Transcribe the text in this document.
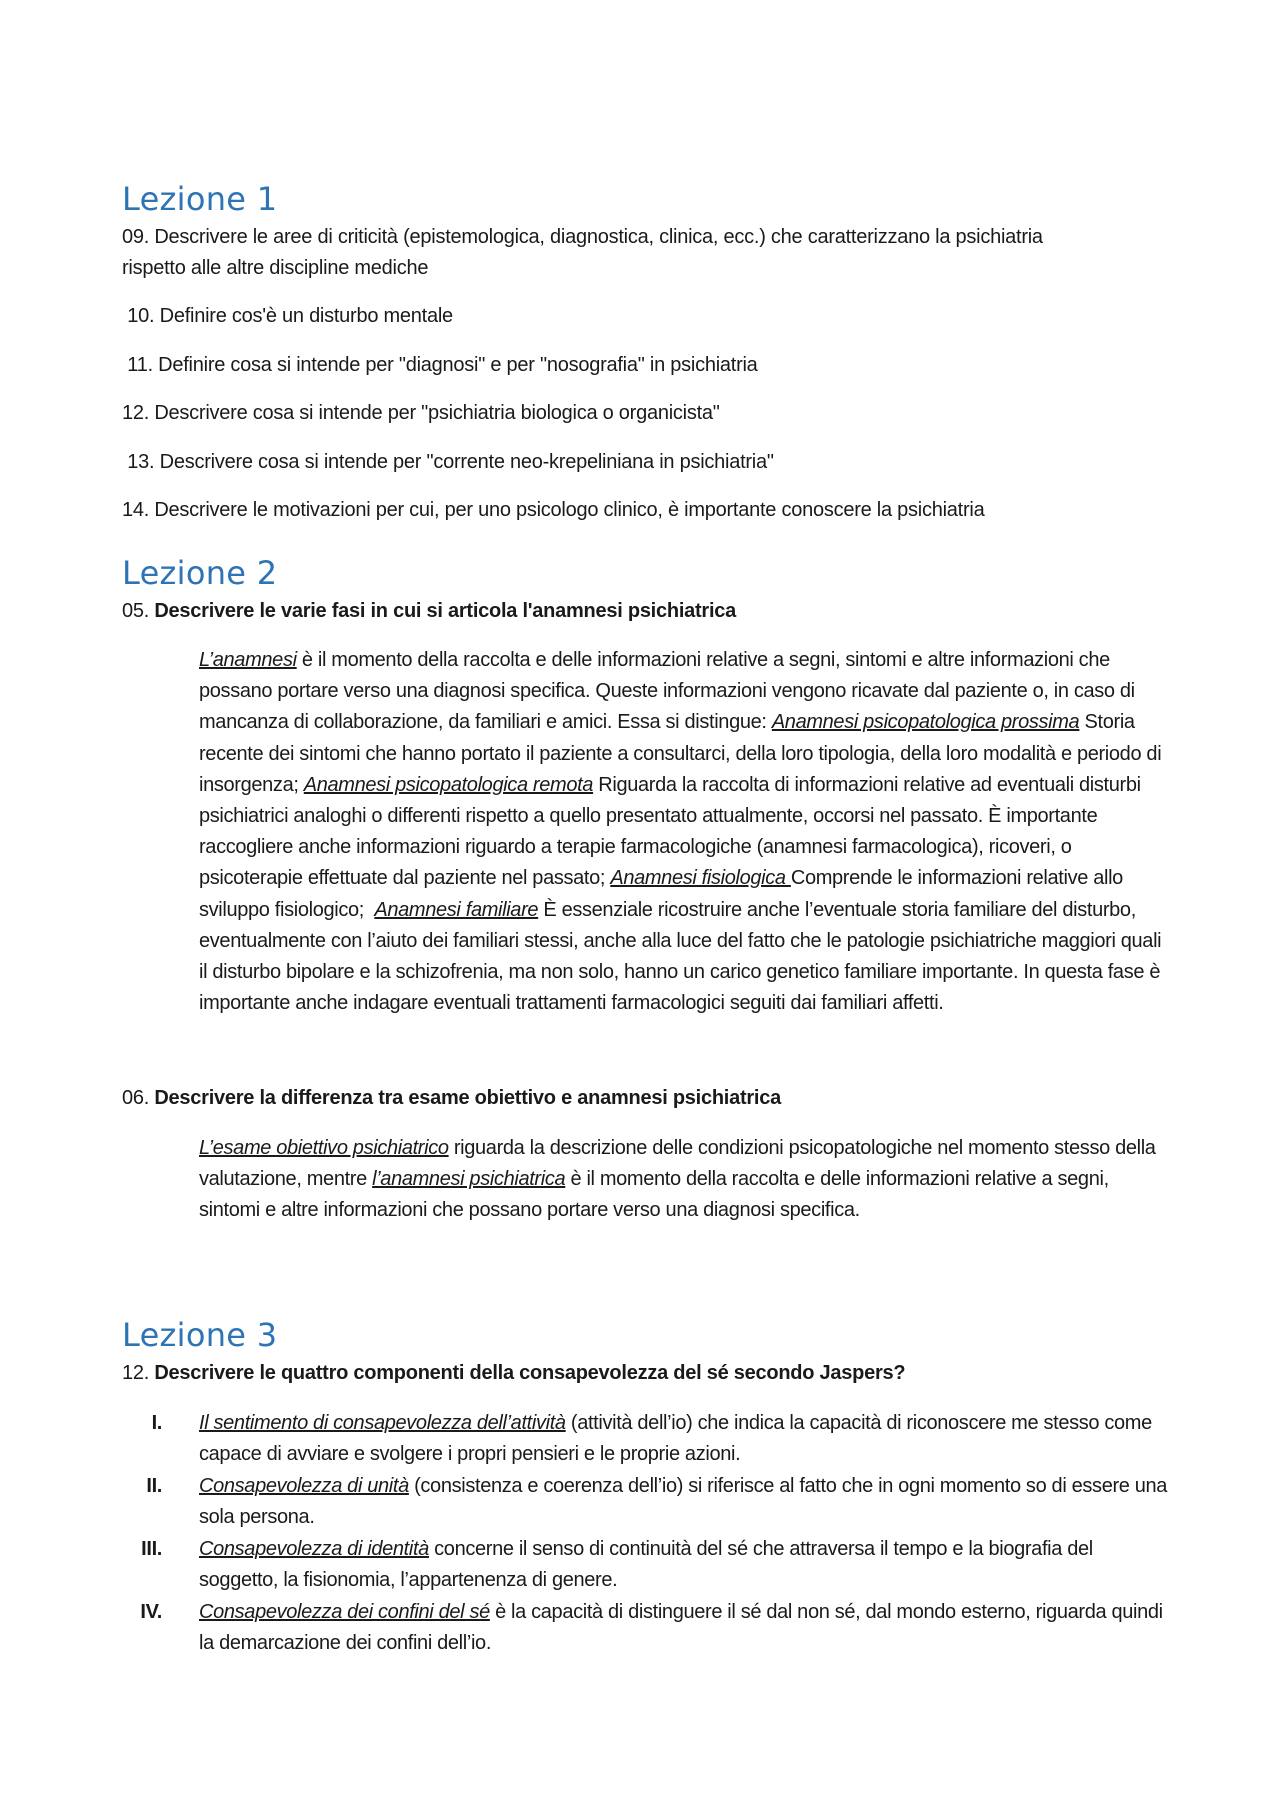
Lezione 1
09. Descrivere le aree di criticità (epistemologica, diagnostica, clinica, ecc.) che caratterizzano la psichiatria
rispetto alle altre discipline mediche
10. Definire cos'è un disturbo mentale
11. Definire cosa si intende per "diagnosi" e per "nosografia" in psichiatria
12. Descrivere cosa si intende per "psichiatria biologica o organicista"
13. Descrivere cosa si intende per "corrente neo-krepeliniana in psichiatria"
14. Descrivere le motivazioni per cui, per uno psicologo clinico, è importante conoscere la psichiatria
Lezione 2
05. Descrivere le varie fasi in cui si articola l'anamnesi psichiatrica
L’anamnesi è il momento della raccolta e delle informazioni relative a segni, sintomi e altre informazioni che possano portare verso una diagnosi specifica. Queste informazioni vengono ricavate dal paziente o, in caso di mancanza di collaborazione, da familiari e amici. Essa si distingue: Anamnesi psicopatologica prossima Storia recente dei sintomi che hanno portato il paziente a consultarci, della loro tipologia, della loro modalità e periodo di insorgenza; Anamnesi psicopatologica remota Riguarda la raccolta di informazioni relative ad eventuali disturbi psichiatrici analoghi o differenti rispetto a quello presentato attualmente, occorsi nel passato. È importante raccogliere anche informazioni riguardo a terapie farmacologiche (anamnesi farmacologica), ricoveri, o psicoterapie effettuate dal paziente nel passato; Anamnesi fisiologica Comprende le informazioni relative allo sviluppo fisiologico;  Anamnesi familiare È essenziale ricostruire anche l’eventuale storia familiare del disturbo, eventualmente con l’aiuto dei familiari stessi, anche alla luce del fatto che le patologie psichiatriche maggiori quali il disturbo bipolare e la schizofrenia, ma non solo, hanno un carico genetico familiare importante. In questa fase è importante anche indagare eventuali trattamenti farmacologici seguiti dai familiari affetti.
06. Descrivere la differenza tra esame obiettivo e anamnesi psichiatrica
L’esame obiettivo psichiatrico riguarda la descrizione delle condizioni psicopatologiche nel momento stesso della valutazione, mentre l’anamnesi psichiatrica è il momento della raccolta e delle informazioni relative a segni, sintomi e altre informazioni che possano portare verso una diagnosi specifica.
Lezione 3
12. Descrivere le quattro componenti della consapevolezza del sé secondo Jaspers?
I. Il sentimento di consapevolezza dell’attività (attività dell’io) che indica la capacità di riconoscere me stesso come capace di avviare e svolgere i propri pensieri e le proprie azioni.
II. Consapevolezza di unità (consistenza e coerenza dell’io) si riferisce al fatto che in ogni momento so di essere una sola persona.
III. Consapevolezza di identità concerne il senso di continuità del sé che attraversa il tempo e la biografia del soggetto, la fisionomia, l’appartenenza di genere.
IV. Consapevolezza dei confini del sé è la capacità di distinguere il sé dal non sé, dal mondo esterno, riguarda quindi la demarcazione dei confini dell’io.
